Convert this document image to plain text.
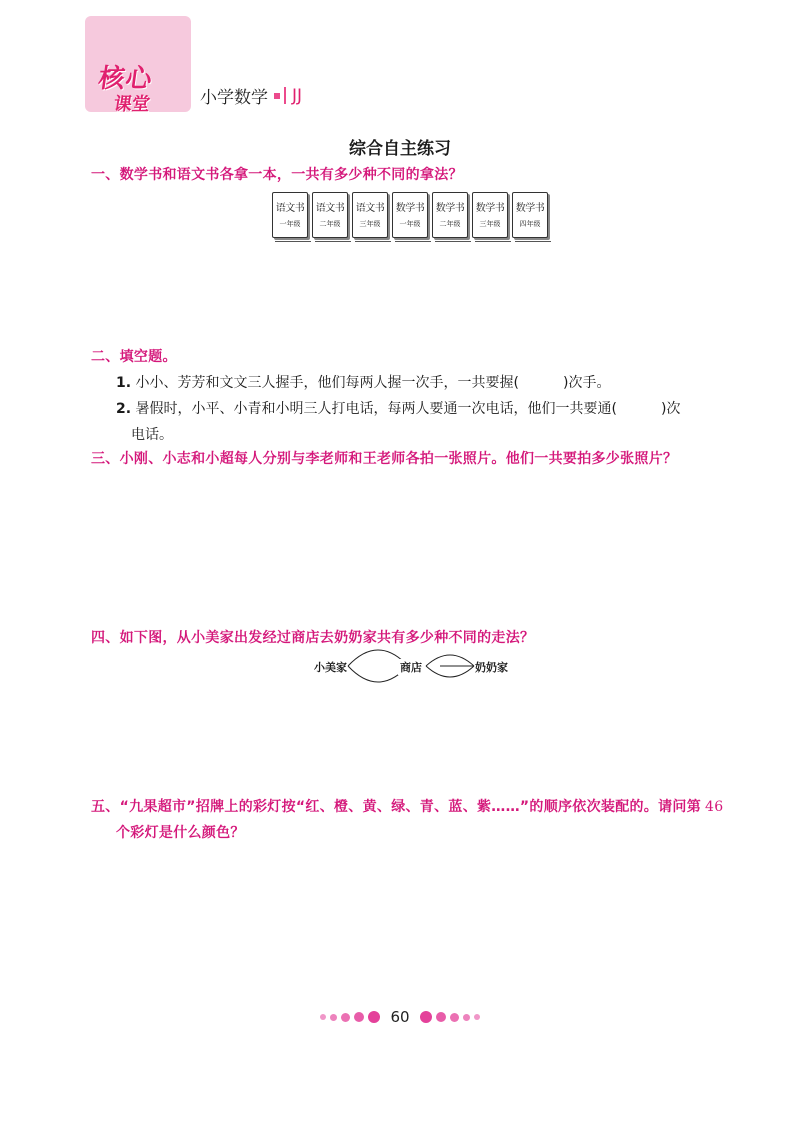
核心
课堂	小学数学 JJ
综合自主练习
一、数学书和语文书各拿一本，一共有多少种不同的拿法？
语文书
一年级
语文书
二年级
语文书
三年级
数学书
一年级
数学书
二年级
数学书
三年级
数学书
四年级
二、填空题。
1. 小小、芳芳和文文三人握手，他们每两人握一次手，一共要握(	)次手。
2. 暑假时，小平、小青和小明三人打电话，每两人要通一次电话，他们一共要通(	)次
电话。
三、小刚、小志和小超每人分别与李老师和王老师各拍一张照片。他们一共要拍多少张照片？
四、如下图，从小美家出发经过商店去奶奶家共有多少种不同的走法？
小美家	商店	奶奶家
五、“九果超市”招牌上的彩灯按“红、橙、黄、绿、青、蓝、紫……”的顺序依次装配的。请问第 46
个彩灯是什么颜色？
60
